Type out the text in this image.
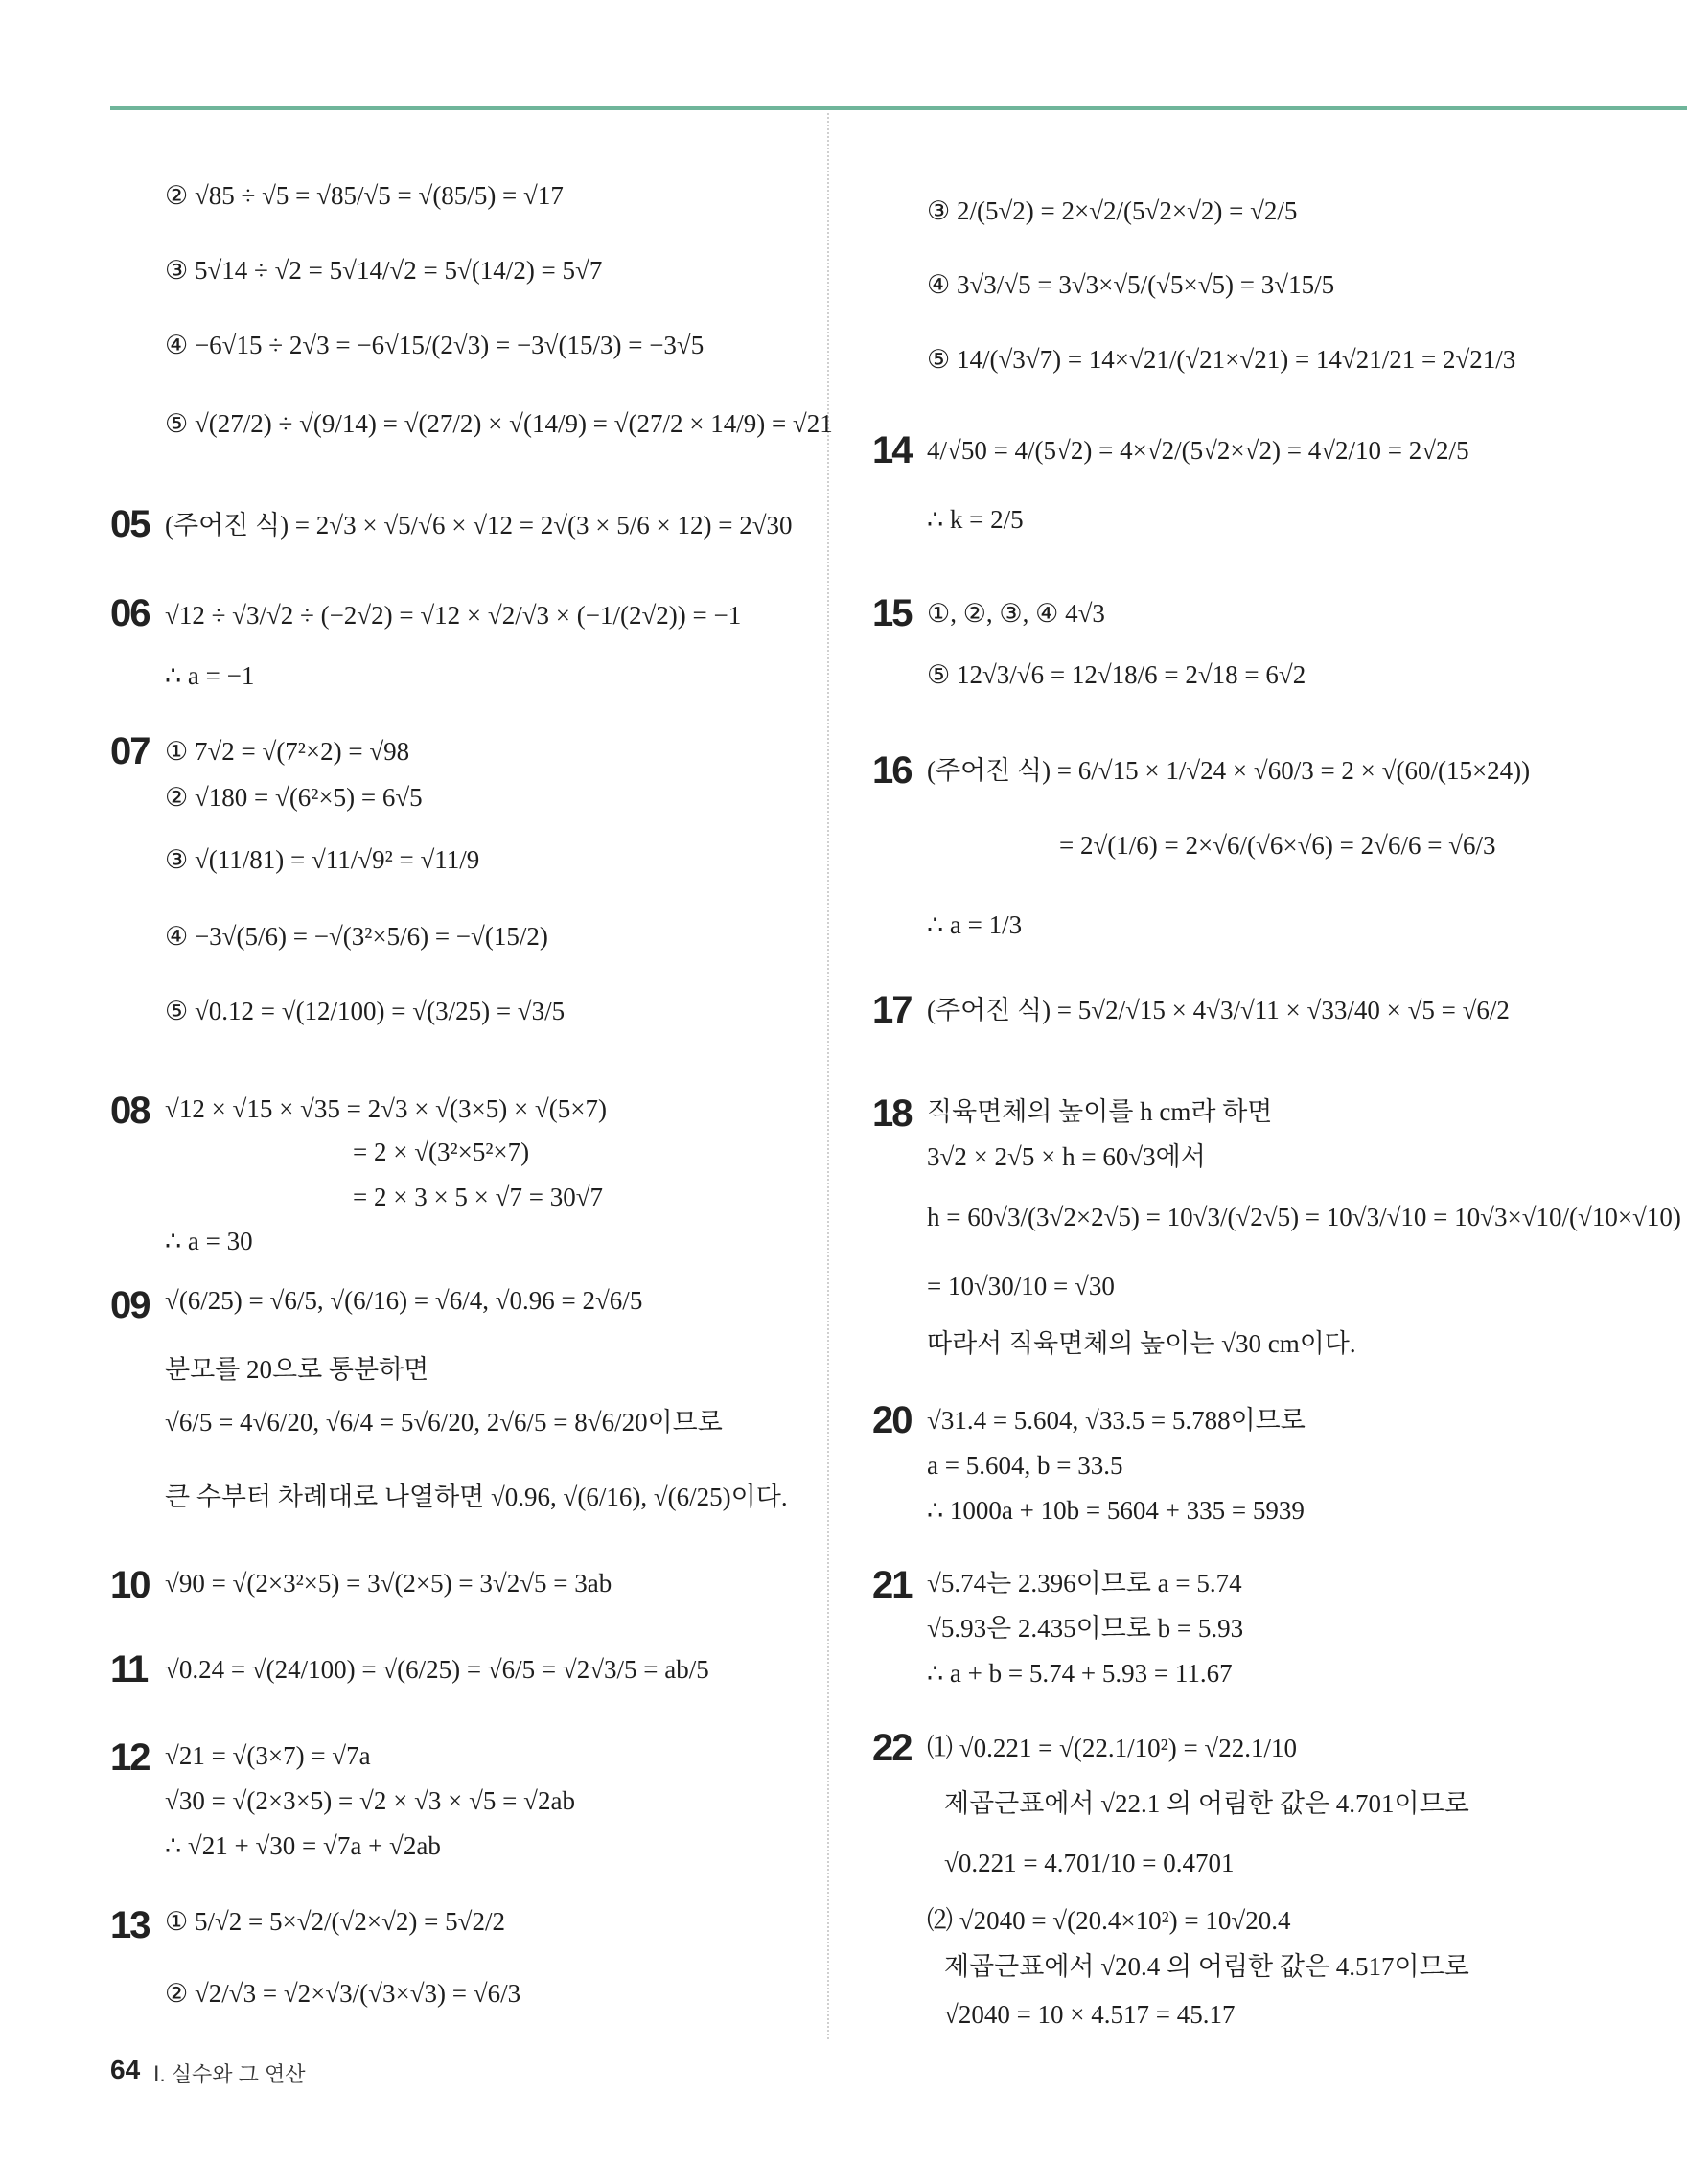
② √85 ÷ √5 = √85/√5 = √(85/5) = √17
③ 5√14 ÷ √2 = 5√14/√2 = 5√(14/2) = 5√7
④ −6√15 ÷ 2√3 = −6√15/(2√3) = −3√(15/3) = −3√5
⑤ √(27/2) ÷ √(9/14) = √(27/2) × √(14/9) = √(27/2 × 14/9) = √21
05 (주어진 식) = 2√3 × √5/√6 × √12 = 2√(3 × 5/6 × 12) = 2√30
06 √12 ÷ √3/√2 ÷ (−2√2) = √12 × √2/√3 × (−1/(2√2)) = −1
∴ a = −1
07 ① 7√2 = √(7²×2) = √98
② √180 = √(6²×5) = 6√5
③ √(11/81) = √11/√9² = √11/9
④ −3√(5/6) = −√(3²×5/6) = −√(15/2)
⑤ √0.12 = √(12/100) = √(3/25) = √3/5
08 √12 × √15 × √35 = 2√3 × √(3×5) × √(5×7)
= 2 × √(3²×5²×7)
= 2 × 3 × 5 × √7 = 30√7
∴ a = 30
09 √(6/25) = √6/5, √(6/16) = √6/4, √0.96 = 2√6/5
분모를 20으로 통분하면
√6/5 = 4√6/20, √6/4 = 5√6/20, 2√6/5 = 8√6/20이므로
큰 수부터 차례대로 나열하면 √0.96, √(6/16), √(6/25)이다.
10 √90 = √(2×3²×5) = 3√(2×5) = 3√2√5 = 3ab
11 √0.24 = √(24/100) = √(6/25) = √6/5 = √2√3/5 = ab/5
12 √21 = √(3×7) = √7a
√30 = √(2×3×5) = √2 × √3 × √5 = √2ab
∴ √21 + √30 = √7a + √2ab
13 ① 5/√2 = 5×√2/(√2×√2) = 5√2/2
② √2/√3 = √2×√3/(√3×√3) = √6/3
③ 2/(5√2) = 2×√2/(5√2×√2) = √2/5
④ 3√3/√5 = 3√3×√5/(√5×√5) = 3√15/5
⑤ 14/(√3√7) = 14×√21/(√21×√21) = 14√21/21 = 2√21/3
14 4/√50 = 4/(5√2) = 4×√2/(5√2×√2) = 4√2/10 = 2√2/5
∴ k = 2/5
15 ①, ②, ③, ④ 4√3
⑤ 12√3/√6 = 12√18/6 = 2√18 = 6√2
16 (주어진 식) = 6/√15 × 1/√24 × √60/3 = 2 × √(60/(15×24))
= 2√(1/6) = 2×√6/(√6×√6) = 2√6/6 = √6/3
∴ a = 1/3
17 (주어진 식) = 5√2/√15 × 4√3/√11 × √33/40 × √5 = √6/2
18 직육면체의 높이를 h cm라 하면
3√2 × 2√5 × h = 60√3에서
h = 60√3/(3√2×2√5) = 10√3/(√2√5) = 10√3/√10 = 10√3×√10/(√10×√10)
= 10√30/10 = √30
따라서 직육면체의 높이는 √30 cm이다.
20 √31.4 = 5.604, √33.5 = 5.788이므로
a = 5.604, b = 33.5
∴ 1000a + 10b = 5604 + 335 = 5939
21 √5.74는 2.396이므로 a = 5.74
√5.93은 2.435이므로 b = 5.93
∴ a + b = 5.74 + 5.93 = 11.67
22 ⑴ √0.221 = √(22.1/10²) = √22.1/10
제곱근표에서 √22.1 의 어림한 값은 4.701이므로
√0.221 = 4.701/10 = 0.4701
⑵ √2040 = √(20.4×10²) = 10√20.4
제곱근표에서 √20.4 의 어림한 값은 4.517이므로
√2040 = 10 × 4.517 = 45.17
64 Ⅰ. 실수와 그 연산
